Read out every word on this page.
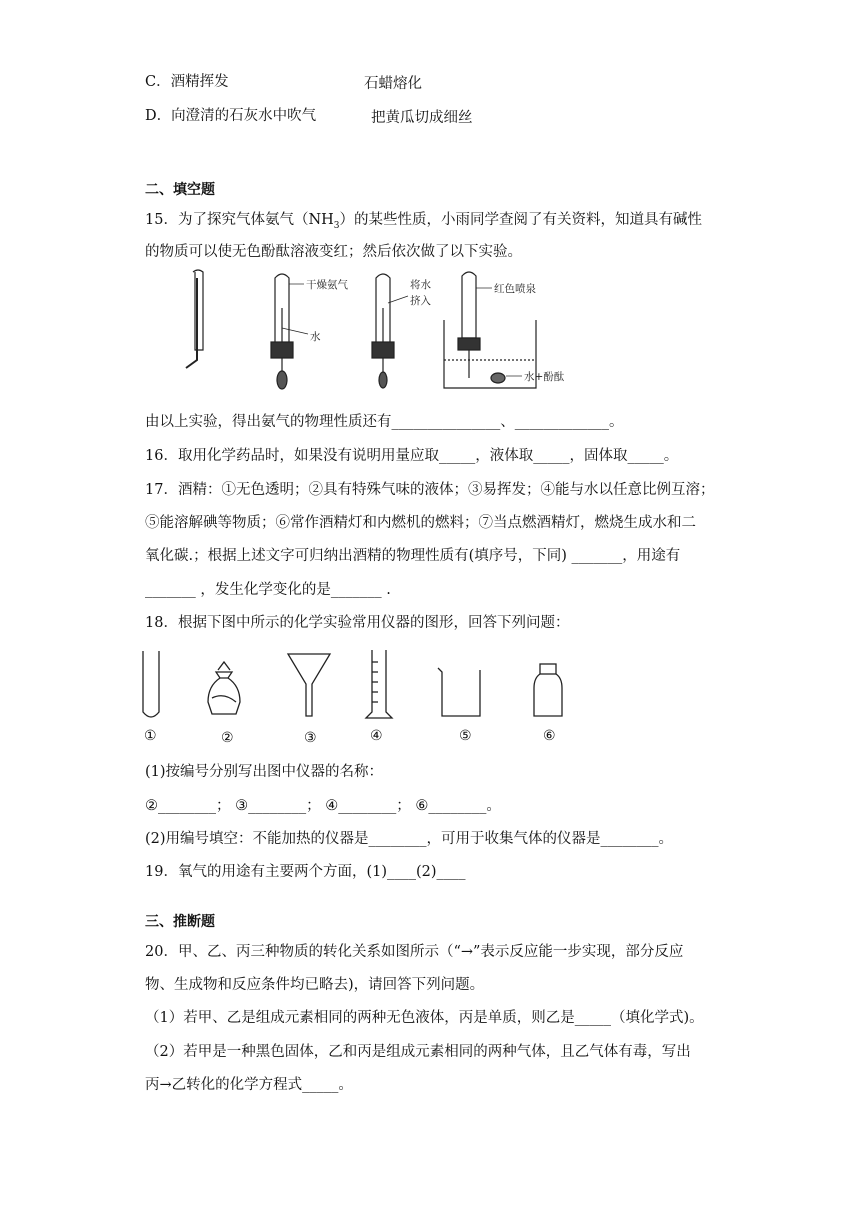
C．酒精挥发	石蜡熔化
D．向澄清的石灰水中吹气	把黄瓜切成细丝
二、填空题
15．为了探究气体氨气$(NH_3)$的某些性质，小雨同学查阅了有关资料，知道具有碱性
的物质可以使无色酚酞溶液变红；然后依次做了以下实验。
干燥氨气
水
将水
挤入
红色喷泉
水+酚酞
由以上实验，得出氨气的物理性质还有_______________、_____________。
16．取用化学药品时，如果没有说明用量应取_____，液体取_____，固体取_____。
17．酒精：①无色透明；②具有特殊气味的液体；③易挥发；④能与水以任意比例互溶；
⑤能溶解碘等物质；⑥常作酒精灯和内燃机的燃料；⑦当点燃酒精灯，燃烧生成水和二
氧化碳.；根据上述文字可归纳出酒精的物理性质有(填序号，下同) _______，用途有
_______ ，发生化学变化的是_______ .
18．根据下图中所示的化学实验常用仪器的图形，回答下列问题：
①	②	③	④	⑤	⑥
(1)按编号分别写出图中仪器的名称：
②________； ③________； ④________； ⑥________。
(2)用编号填空：不能加热的仪器是________，可用于收集气体的仪器是________。
19．氧气的用途有主要两个方面，(1)____(2)____
三、推断题
20．甲、乙、丙三种物质的转化关系如图所示（“→”表示反应能一步实现，部分反应
物、生成物和反应条件均已略去)，请回答下列问题。
（1）若甲、乙是组成元素相同的两种无色液体，丙是单质，则乙是_____（填化学式)。
（2）若甲是一种黑色固体，乙和丙是组成元素相同的两种气体，且乙气体有毒，写出
丙→乙转化的化学方程式_____。
